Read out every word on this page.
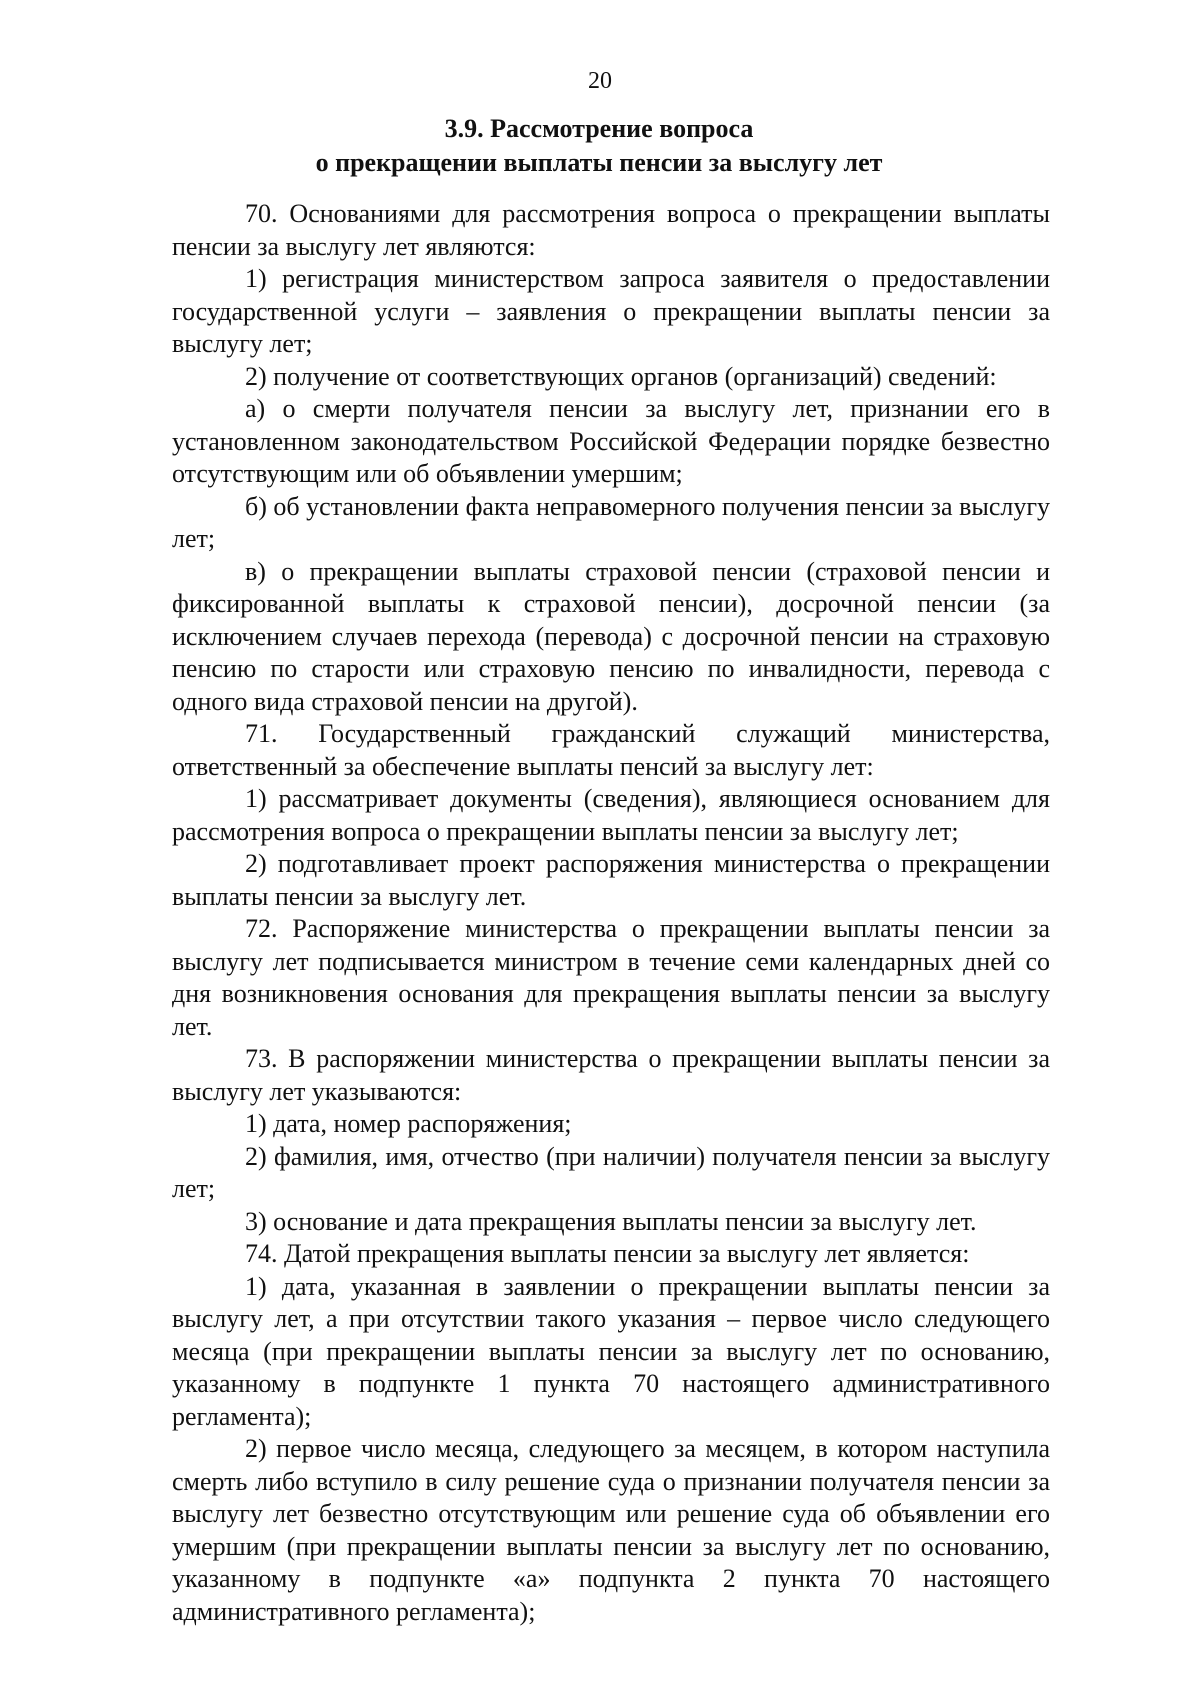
20
3.9. Рассмотрение вопроса
о прекращении выплаты пенсии за выслугу лет

70. Основаниями для рассмотрения вопроса о прекращении выплаты пенсии за выслугу лет являются:

1) регистрация министерством запроса заявителя о предоставлении государственной услуги – заявления о прекращении выплаты пенсии за выслугу лет;

2) получение от соответствующих органов (организаций) сведений:

а) о смерти получателя пенсии за выслугу лет, признании его в установленном законодательством Российской Федерации порядке безвестно отсутствующим или об объявлении умершим;

б) об установлении факта неправомерного получения пенсии за выслугу лет;

в) о прекращении выплаты страховой пенсии (страховой пенсии и фиксированной выплаты к страховой пенсии), досрочной пенсии (за исключением случаев перехода (перевода) с досрочной пенсии на страховую пенсию по старости или страховую пенсию по инвалидности, перевода с одного вида страховой пенсии на другой).

71. Государственный гражданский служащий министерства, ответственный за обеспечение выплаты пенсий за выслугу лет:

1) рассматривает документы (сведения), являющиеся основанием для рассмотрения вопроса о прекращении выплаты пенсии за выслугу лет;

2) подготавливает проект распоряжения министерства о прекращении выплаты пенсии за выслугу лет.

72. Распоряжение министерства о прекращении выплаты пенсии за выслугу лет подписывается министром в течение семи календарных дней со дня возникновения основания для прекращения выплаты пенсии за выслугу лет.

73. В распоряжении министерства о прекращении выплаты пенсии за выслугу лет указываются:

1) дата, номер распоряжения;

2) фамилия, имя, отчество (при наличии) получателя пенсии за выслугу лет;

3) основание и дата прекращения выплаты пенсии за выслугу лет.

74. Датой прекращения выплаты пенсии за выслугу лет является:

1) дата, указанная в заявлении о прекращении выплаты пенсии за выслугу лет, а при отсутствии такого указания – первое число следующего месяца (при прекращении выплаты пенсии за выслугу лет по основанию, указанному в подпункте 1 пункта 70 настоящего административного регламента);

2) первое число месяца, следующего за месяцем, в котором наступила смерть либо вступило в силу решение суда о признании получателя пенсии за выслугу лет безвестно отсутствующим или решение суда об объявлении его умершим (при прекращении выплаты пенсии за выслугу лет по основанию, указанному в подпункте «а» подпункта 2 пункта 70 настоящего административного регламента);
